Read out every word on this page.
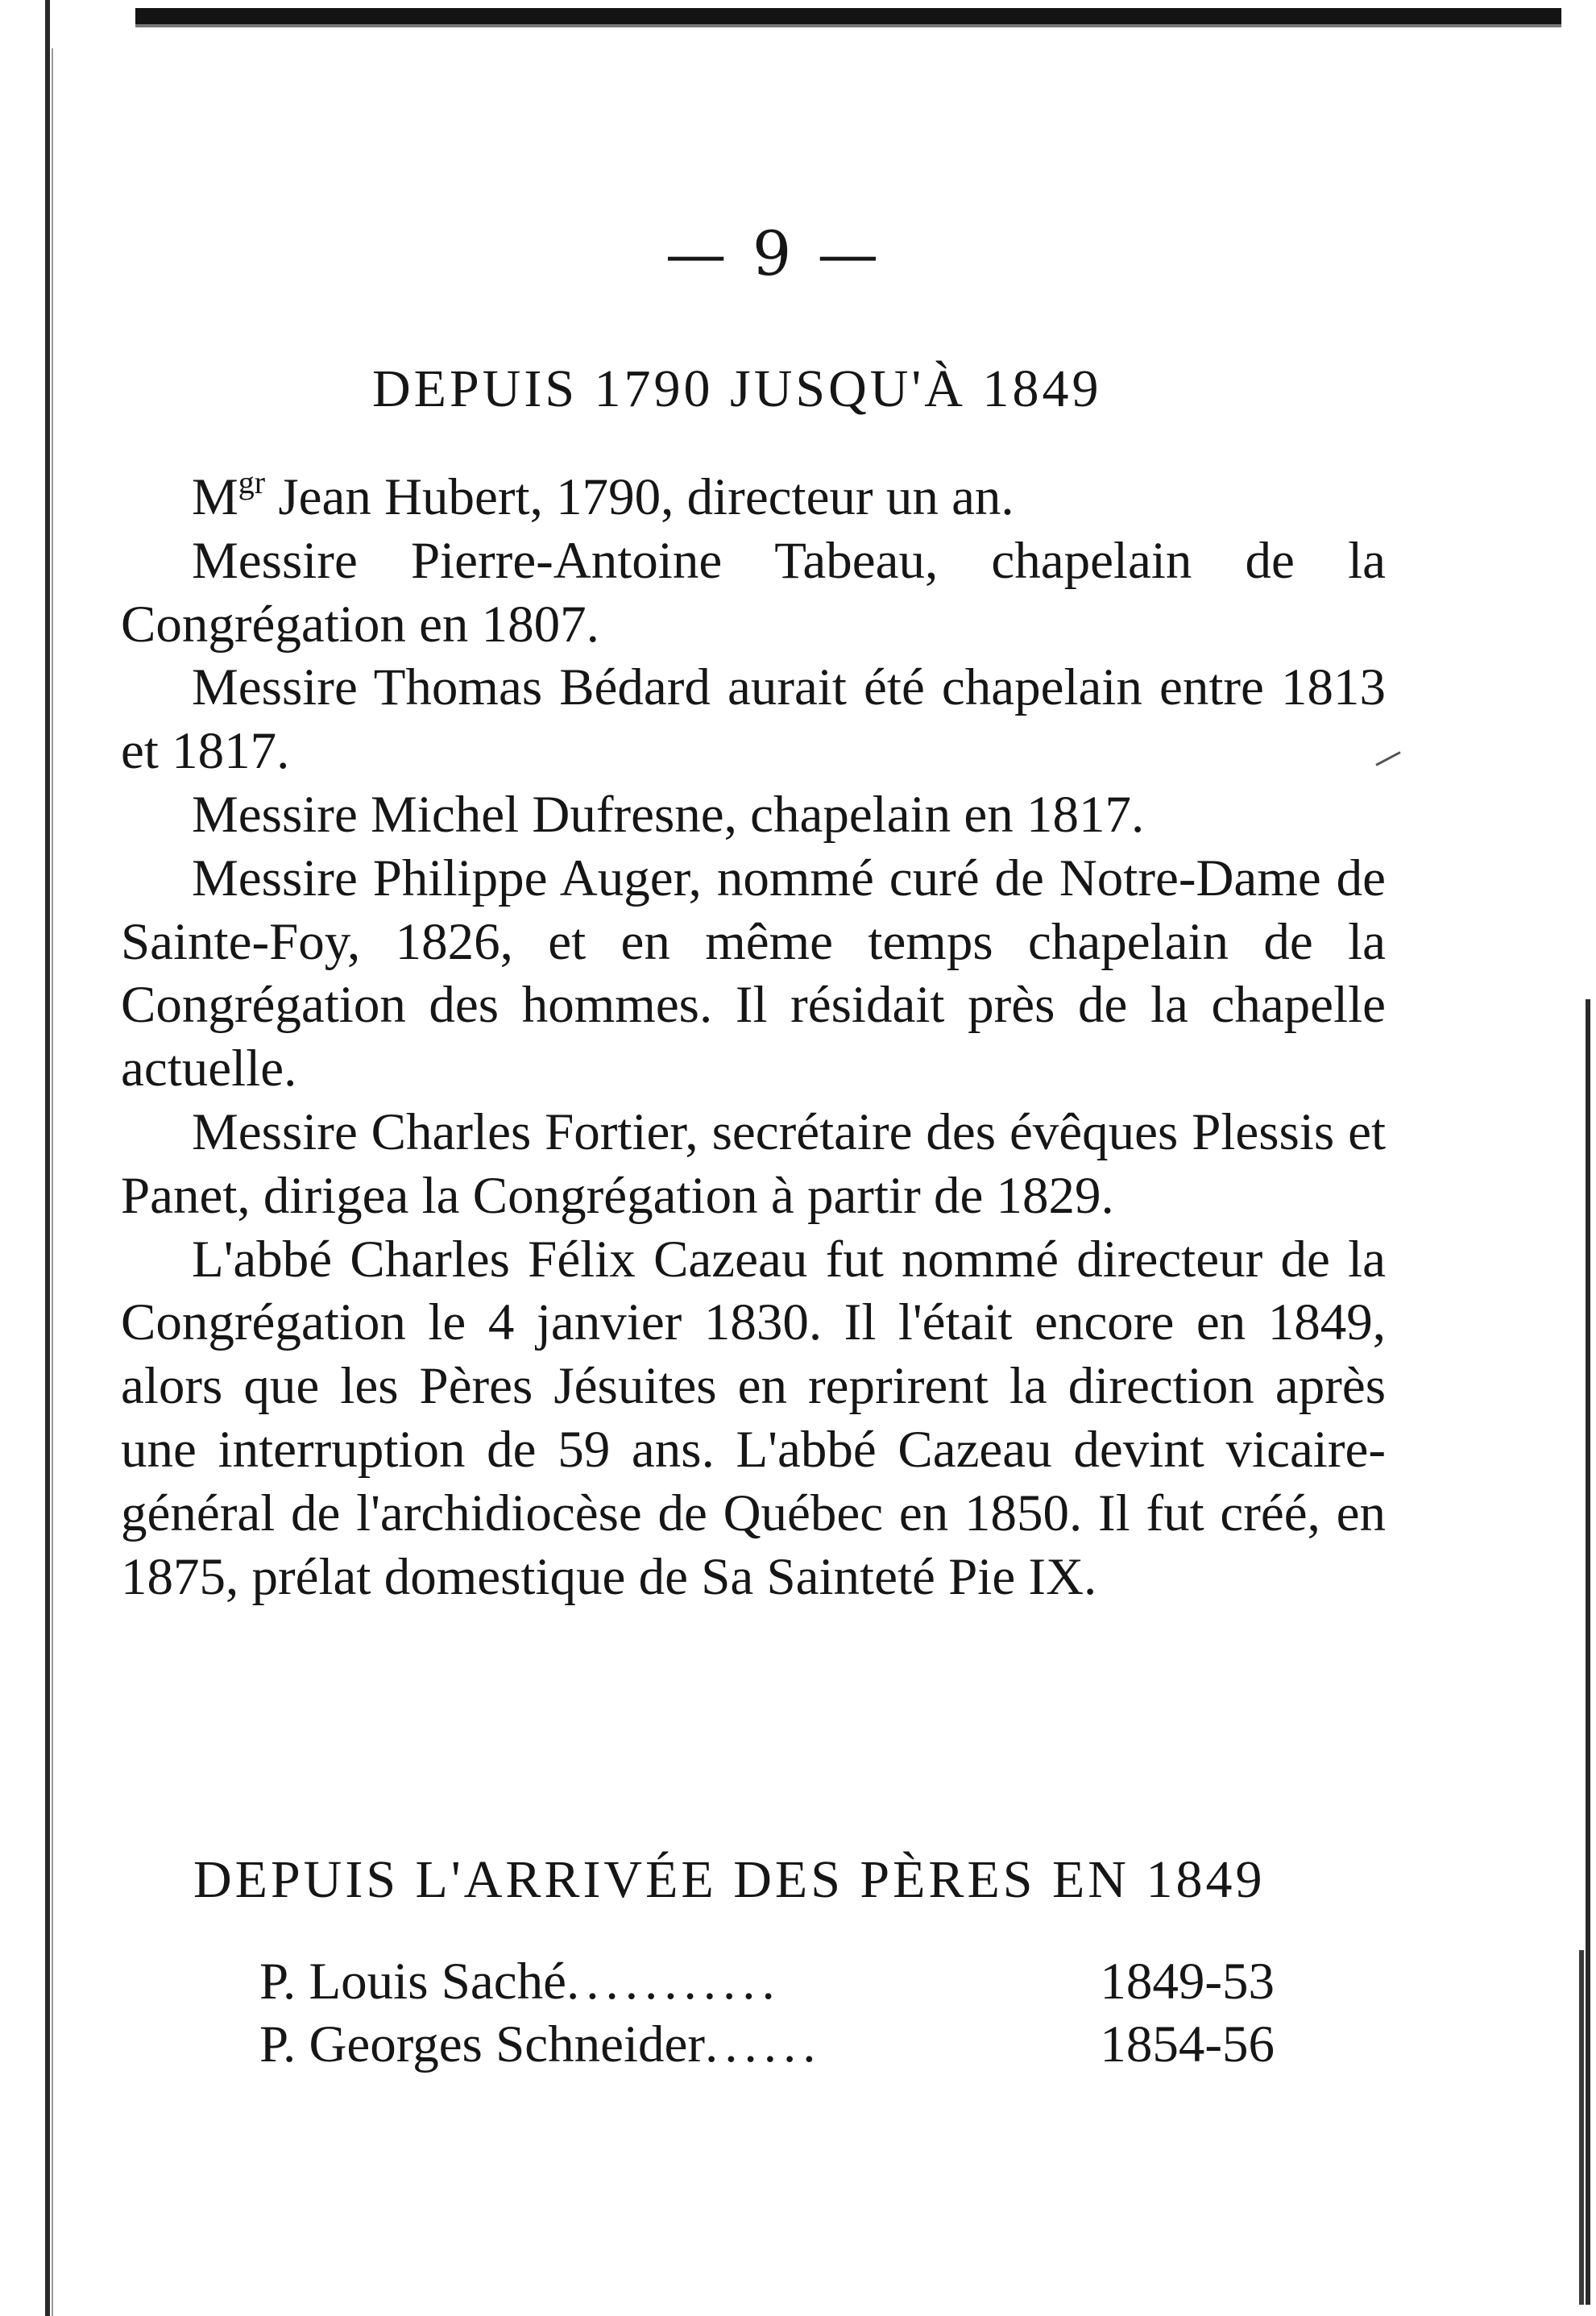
— 9 —
DEPUIS 1790 JUSQU'À 1849

$M^{gr}$ Jean Hubert, 1790, directeur un an.

Messire Pierre-Antoine Tabeau, chapelain de la Congrégation en 1807.

Messire Thomas Bédard aurait été chapelain entre 1813 et 1817.

Messire Michel Dufresne, chapelain en 1817.

Messire Philippe Auger, nommé curé de Notre-Dame de Sainte-Foy, 1826, et en même temps chapelain de la Congrégation des hommes. Il résidait près de la chapelle actuelle.

Messire Charles Fortier, secrétaire des évêques Plessis et Panet, dirigea la Congrégation à partir de 1829.

L'abbé Charles Félix Cazeau fut nommé directeur de la Congrégation le 4 janvier 1830. Il l'était encore en 1849, alors que les Pères Jésuites en reprirent la direction après une interruption de 59 ans. L'abbé Cazeau devint vicaire-général de l'archidiocèse de Québec en 1850. Il fut créé, en 1875, prélat domestique de Sa Sainteté Pie IX.

DEPUIS L'ARRIVÉE DES PÈRES EN 1849
P. Louis Saché ...........	1849-53
P. Georges Schneider ......	1854-56
